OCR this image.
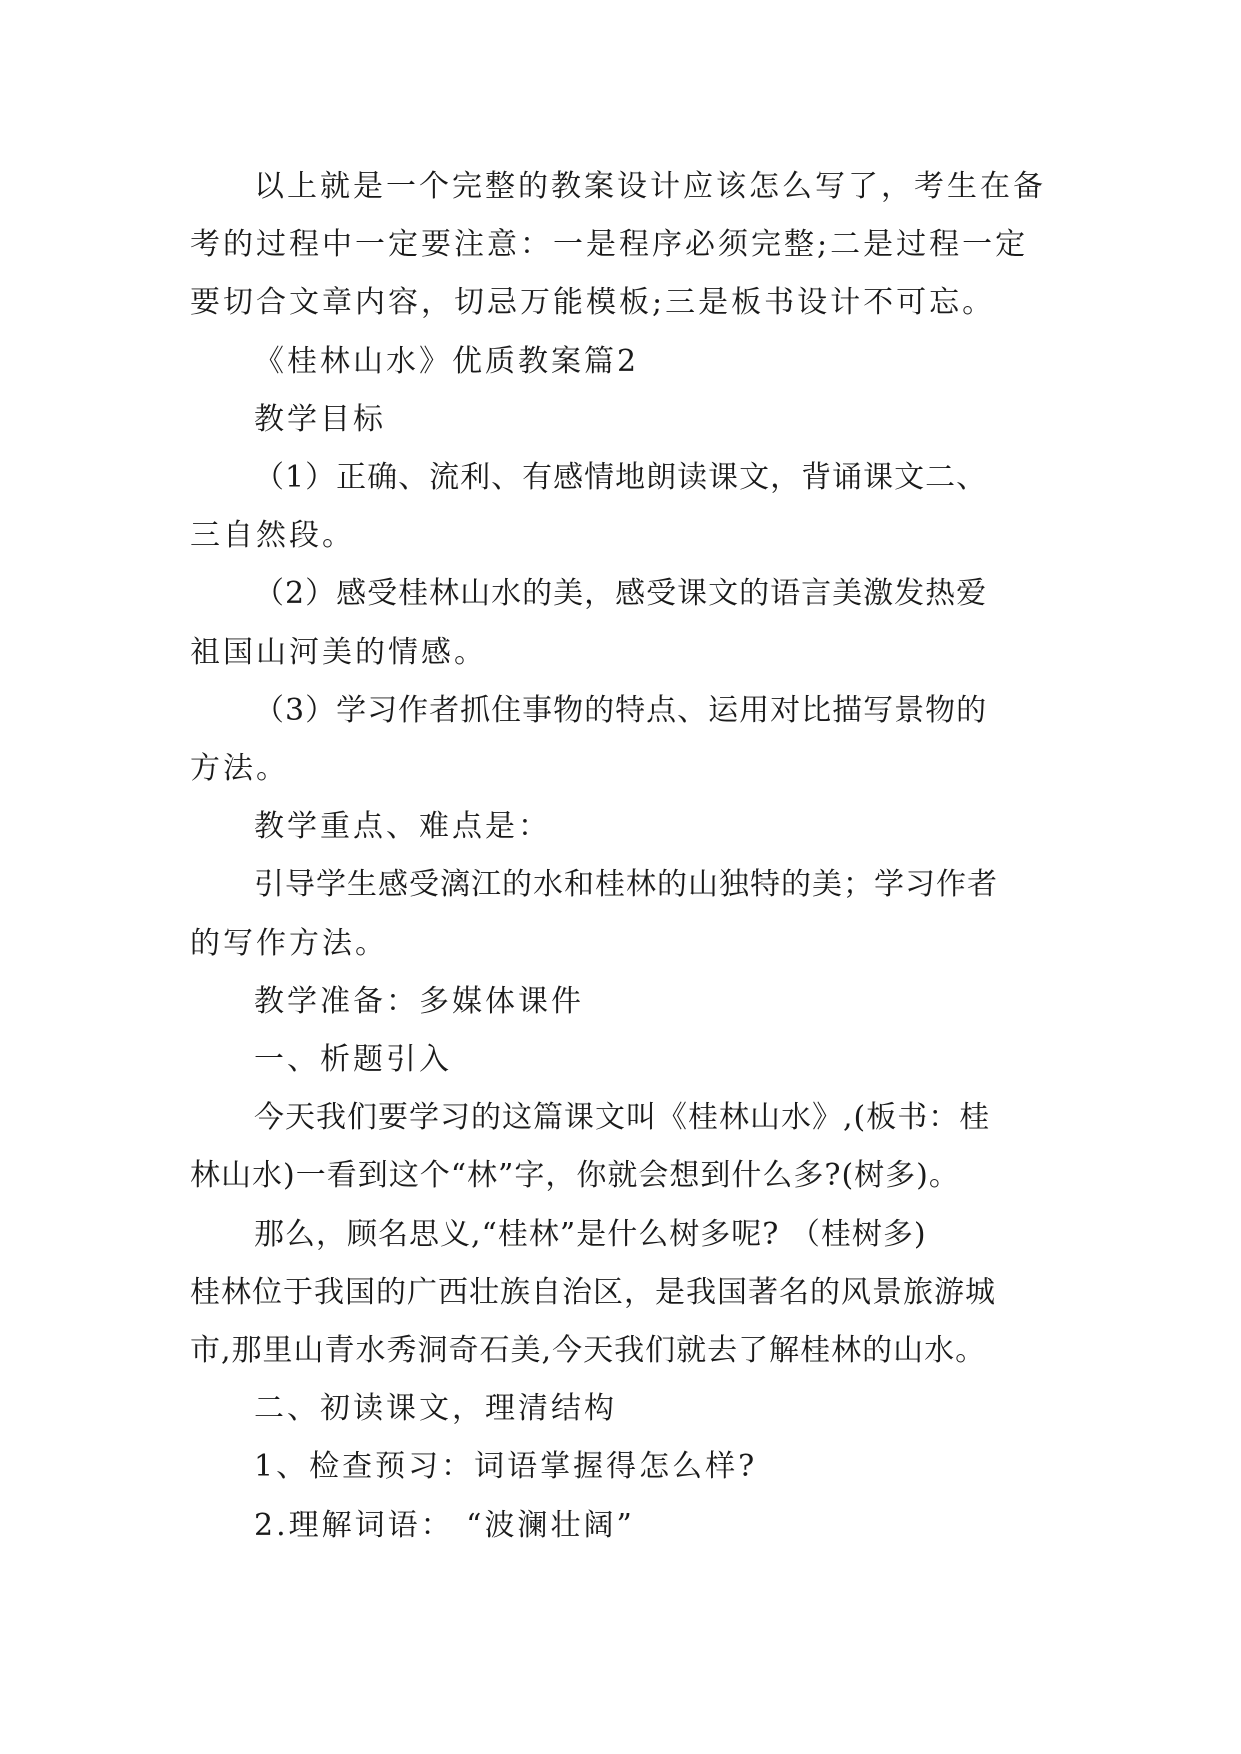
以上就是一个完整的教案设计应该怎么写了，考生在备

考的过程中一定要注意：一是程序必须完整;二是过程一定

要切合文章内容，切忌万能模板;三是板书设计不可忘。

《桂林山水》优质教案篇2

教学目标

（1）正确、流利、有感情地朗读课文，背诵课文二、

三自然段。

（2）感受桂林山水的美，感受课文的语言美激发热爱

祖国山河美的情感。

（3）学习作者抓住事物的特点、运用对比描写景物的

方法。

教学重点、难点是：

引导学生感受漓江的水和桂林的山独特的美；学习作者

的写作方法。

教学准备：多媒体课件

一、析题引入

今天我们要学习的这篇课文叫《桂林山水》,(板书：桂

林山水)一看到这个“林”字，你就会想到什么多?(树多)。

那么，顾名思义,“桂林”是什么树多呢? （桂树多)

桂林位于我国的广西壮族自治区，是我国著名的风景旅游城

市,那里山青水秀洞奇石美,今天我们就去了解桂林的山水。

二、初读课文，理清结构

1、检查预习：词语掌握得怎么样?

2.理解词语： “波澜壮阔”
